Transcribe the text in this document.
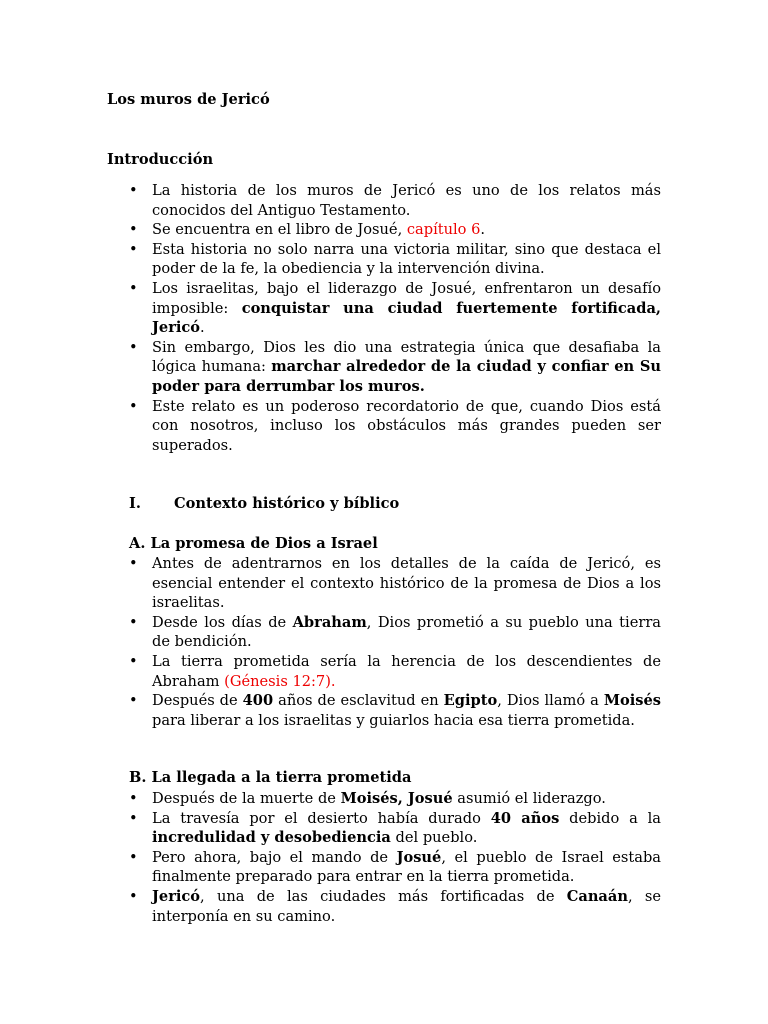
Los muros de Jericó

Introducción

• La historia de los muros de Jericó es uno de los relatos más conocidos del Antiguo Testamento.
• Se encuentra en el libro de Josué, capítulo 6.
• Esta historia no solo narra una victoria militar, sino que destaca el poder de la fe, la obediencia y la intervención divina.
• Los israelitas, bajo el liderazgo de Josué, enfrentaron un desafío imposible: conquistar una ciudad fuertemente fortificada, Jericó.
• Sin embargo, Dios les dio una estrategia única que desafiaba la lógica humana: marchar alrededor de la ciudad y confiar en Su poder para derrumbar los muros.
• Este relato es un poderoso recordatorio de que, cuando Dios está con nosotros, incluso los obstáculos más grandes pueden ser superados.

I. Contexto histórico y bíblico

A. La promesa de Dios a Israel

• Antes de adentrarnos en los detalles de la caída de Jericó, es esencial entender el contexto histórico de la promesa de Dios a los israelitas.
• Desde los días de Abraham, Dios prometió a su pueblo una tierra de bendición.
• La tierra prometida sería la herencia de los descendientes de Abraham (Génesis 12:7).
• Después de 400 años de esclavitud en Egipto, Dios llamó a Moisés para liberar a los israelitas y guiarlos hacia esa tierra prometida.

B. La llegada a la tierra prometida

• Después de la muerte de Moisés, Josué asumió el liderazgo.
• La travesía por el desierto había durado 40 años debido a la incredulidad y desobediencia del pueblo.
• Pero ahora, bajo el mando de Josué, el pueblo de Israel estaba finalmente preparado para entrar en la tierra prometida.
• Jericó, una de las ciudades más fortificadas de Canaán, se interponía en su camino.
